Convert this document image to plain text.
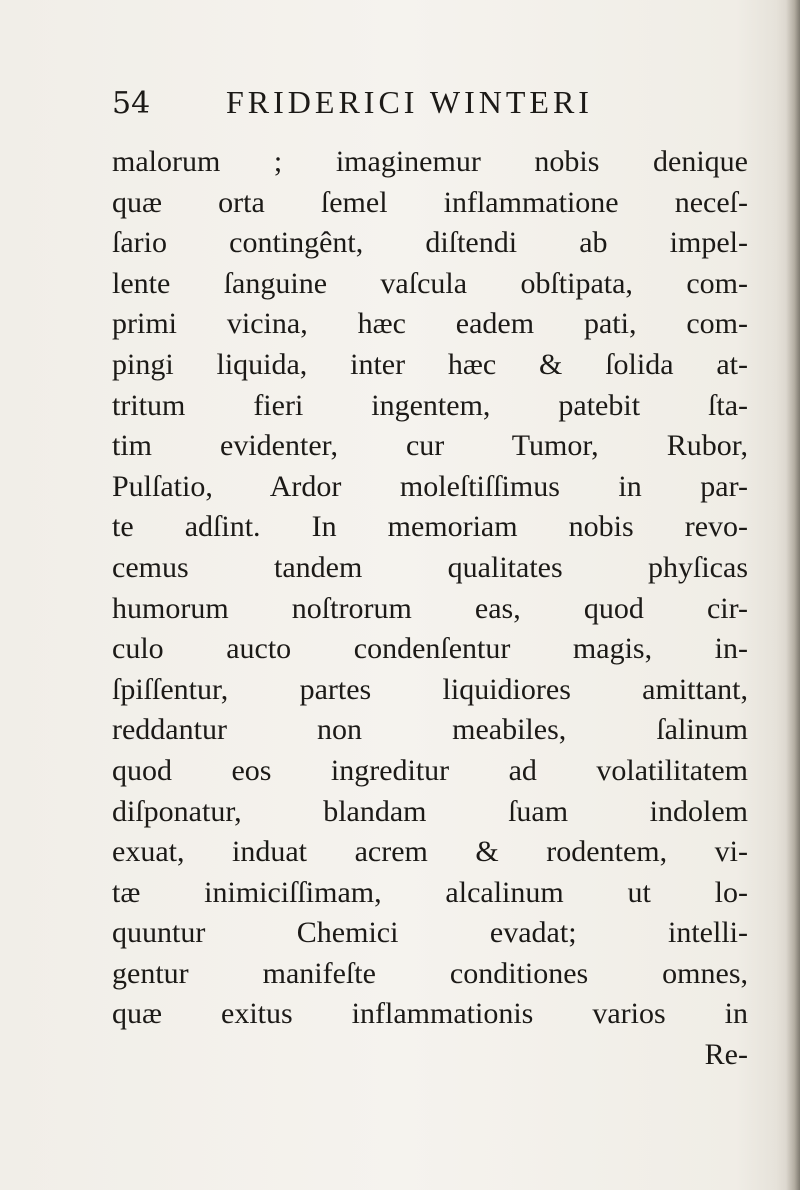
54 FRIDERICI WINTERI
malorum ; imaginemur nobis denique
quæ orta ſemel inflammatione neceſ-
ſario contingênt, diſtendi ab impel-
lente ſanguine vaſcula obſtipata, com-
primi vicina, hæc eadem pati, com-
pingi liquida, inter hæc & ſolida at-
tritum fieri ingentem, patebit ſta-
tim evidenter, cur Tumor, Rubor,
Pulſatio, Ardor moleſtiſſimus in par-
te adſint. In memoriam nobis revo-
cemus tandem qualitates phyſicas
humorum noſtrorum eas, quod cir-
culo aucto condenſentur magis, in-
ſpiſſentur, partes liquidiores amittant,
reddantur non meabiles, ſalinum
quod eos ingreditur ad volatilitatem
diſponatur, blandam ſuam indolem
exuat, induat acrem & rodentem, vi-
tæ inimiciſſimam, alcalinum ut lo-
quuntur Chemici evadat; intelli-
gentur manifeſte conditiones omnes,
quæ exitus inflammationis varios in
Re-
